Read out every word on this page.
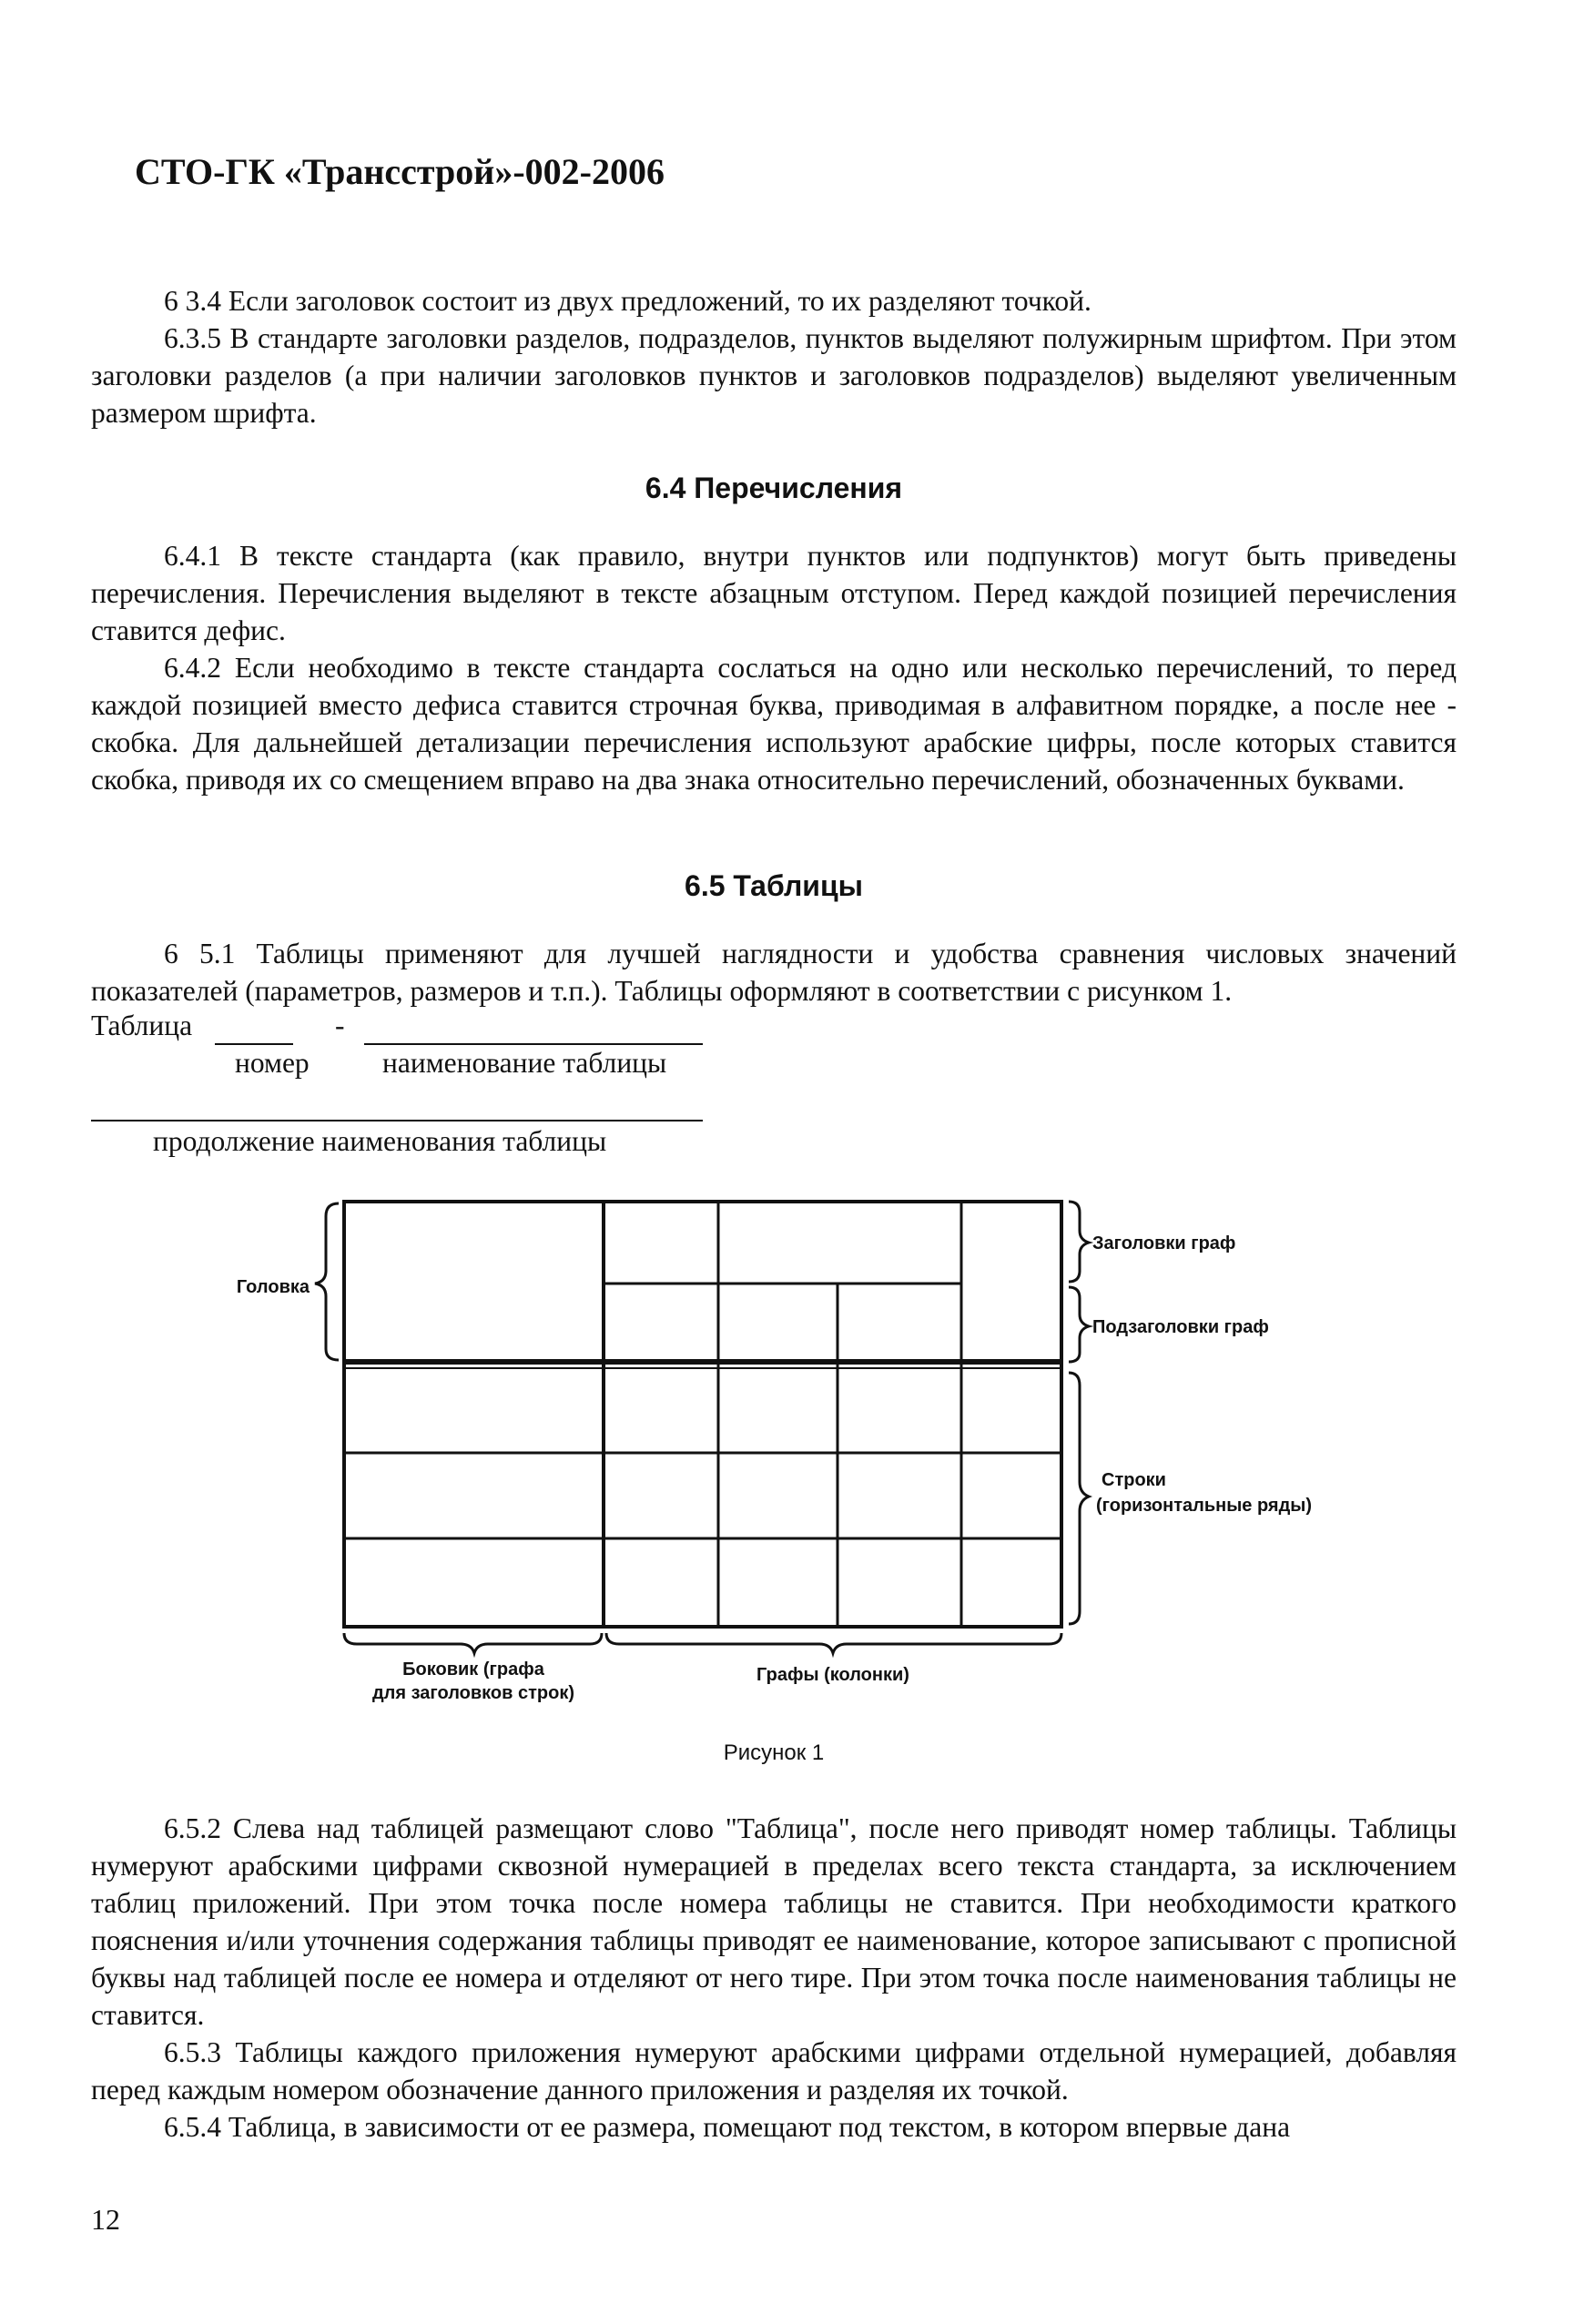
СТО-ГК «Трансстрой»-002-2006
6 3.4 Если заголовок состоит из двух предложений, то их разделяют точкой.
6.3.5 В стандарте заголовки разделов, подразделов, пунктов выделяют полужирным шрифтом. При этом заголовки разделов (а при наличии заголовков пунктов и заголовков подразделов) выделяют увеличенным размером шрифта.
6.4 Перечисления
6.4.1 В тексте стандарта (как правило, внутри пунктов или подпунктов) могут быть приведены перечисления. Перечисления выделяют в тексте абзацным отступом. Перед каждой позицией перечисления ставится дефис.
6.4.2 Если необходимо в тексте стандарта сослаться на одно или несколько перечислений, то перед каждой позицией вместо дефиса ставится строчная буква, приводимая в алфавитном порядке, а после нее - скобка. Для дальнейшей детализации перечисления используют арабские цифры, после которых ставится скобка, приводя их со смещением вправо на два знака относительно перечислений, обозначенных буквами.
6.5 Таблицы
6 5.1 Таблицы применяют для лучшей наглядности и удобства сравнения числовых значений показателей (параметров, размеров и т.п.). Таблицы оформляют в соответствии с рисунком 1.
Таблица	-
номер	наименование таблицы
продолжение наименования таблицы
Головка
Заголовки граф
Подзаголовки граф
Строки
(горизонтальные ряды)
Боковик (графа
для заголовков строк)
Графы (колонки)
Рисунок 1
6.5.2 Слева над таблицей размещают слово "Таблица", после него приводят номер таблицы. Таблицы нумеруют арабскими цифрами сквозной нумерацией в пределах всего текста стандарта, за исключением таблиц приложений. При этом точка после номера таблицы не ставится. При необходимости краткого пояснения и/или уточнения содержания таблицы приводят ее наименование, которое записывают с прописной буквы над таблицей после ее номера и отделяют от него тире. При этом точка после наименования таблицы не ставится.
6.5.3 Таблицы каждого приложения нумеруют арабскими цифрами отдельной нумерацией, добавляя перед каждым номером обозначение данного приложения и разделяя их точкой.
6.5.4 Таблица, в зависимости от ее размера, помещают под текстом, в котором впервые дана
12
